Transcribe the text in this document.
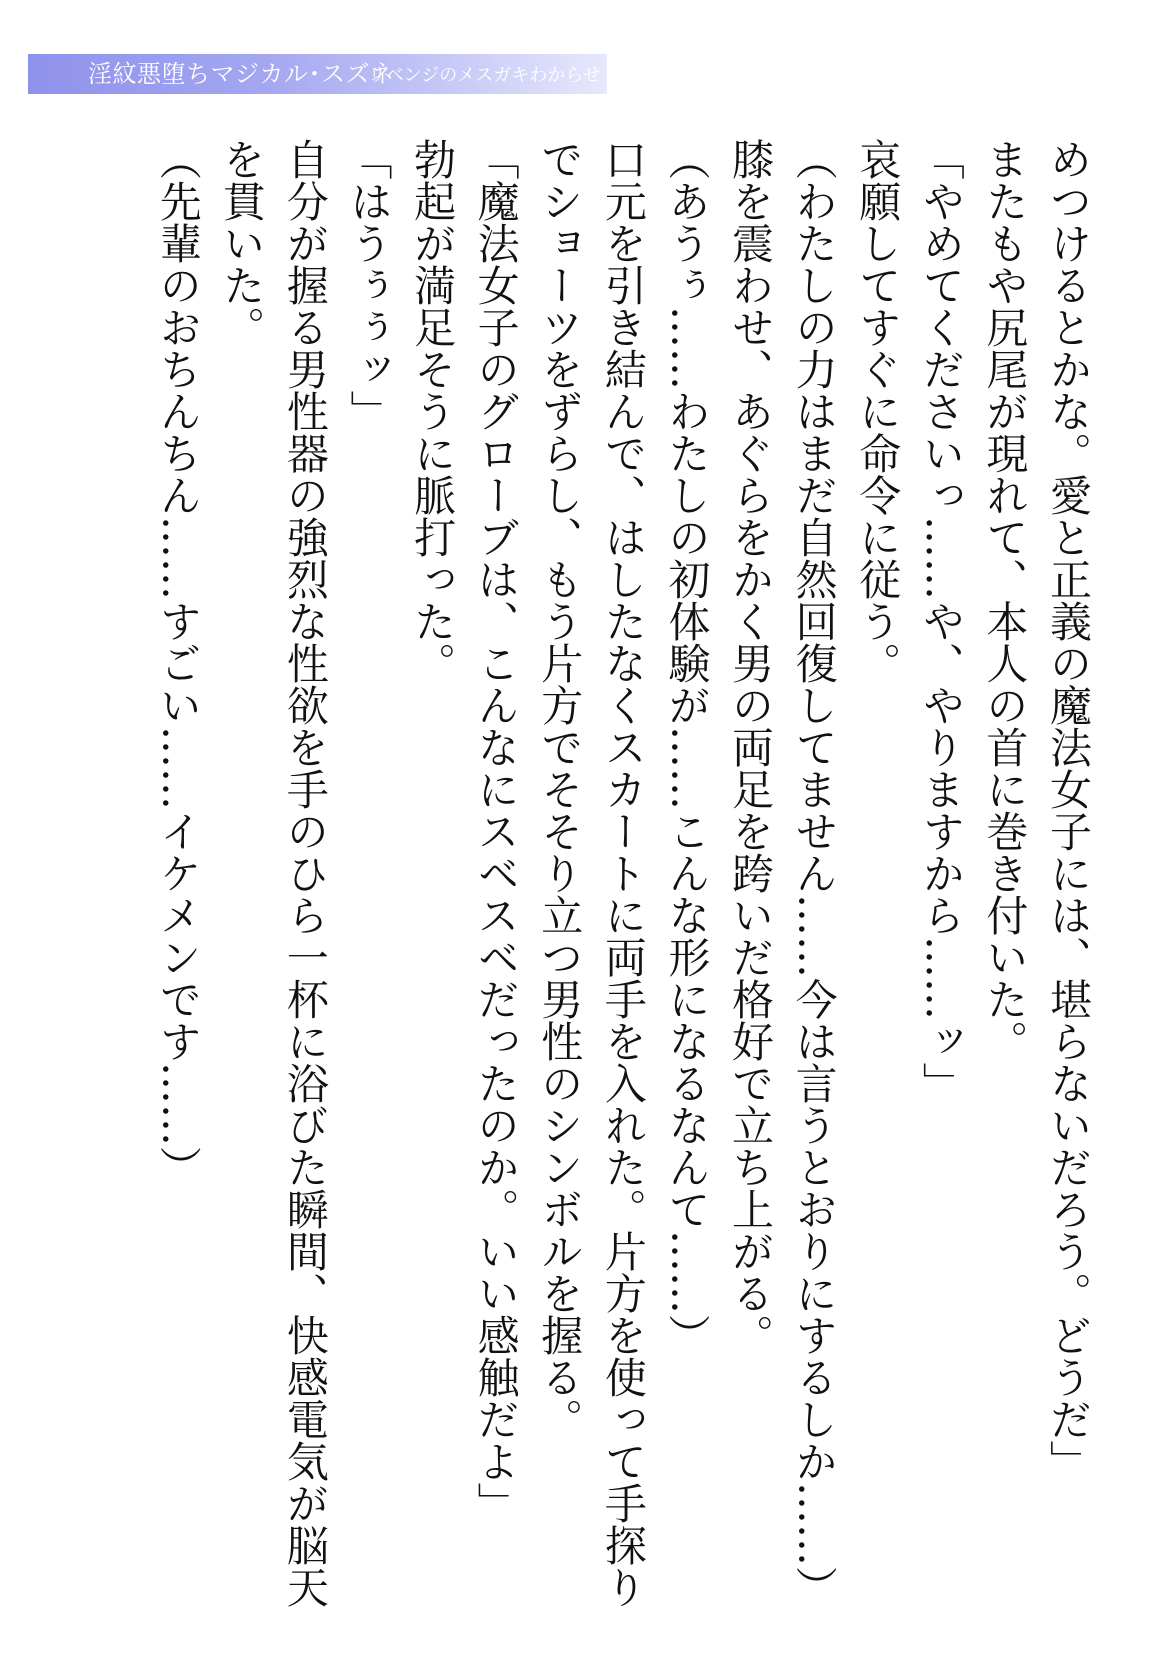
淫紋悪堕ちマジカル･スズネ
リベンジのメスガキわからせ

めつけるとかな。愛と正義の魔法女子には、堪らないだろう。どうだ」

またもや尻尾が現れて、本人の首に巻き付いた。

「やめてくださいっ……や、やりますから……ッ」

哀願してすぐに命令に従う。

（わたしの力はまだ自然回復してません……今は言うとおりにするしか……）

膝を震わせ、あぐらをかく男の両足を跨いだ格好で立ち上がる。

（あうぅ……わたしの初体験が……こんな形になるなんて……）

口元を引き結んで、はしたなくスカートに両手を入れた。片方を使って手探り

でショーツをずらし、もう片方でそそり立つ男性のシンボルを握る。

「魔法女子のグローブは、こんなにスベスベだったのか。いい感触だよ」

勃起が満足そうに脈打った。

「はうぅぅッ」

自分が握る男性器の強烈な性欲を手のひら一杯に浴びた瞬間、快感電気が脳天

を貫いた。

（先輩のおちんちん……すごい……イケメンです……）
